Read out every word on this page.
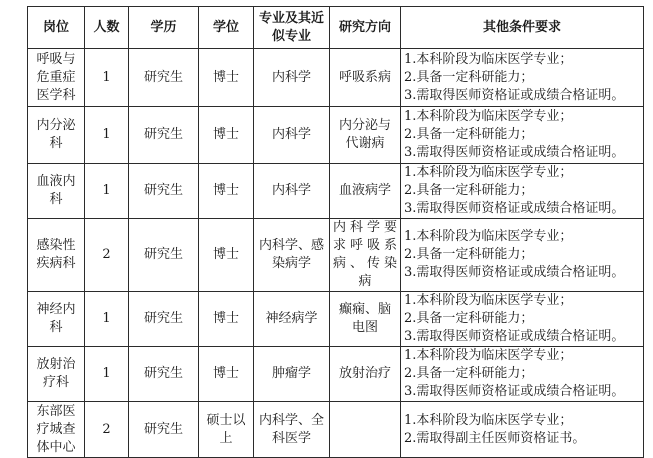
岗位	人数	学历	学位	专业及其近似专业	研究方向	其他条件要求
呼吸与危重症医学科	1	研究生	博士	内科学	呼吸系病	1.本科阶段为临床医学专业；
2.具备一定科研能力；
3.需取得医师资格证或成绩合格证明。

内分泌科	1	研究生	博士	内科学	内分泌与代谢病	1.本科阶段为临床医学专业；
2.具备一定科研能力；
3.需取得医师资格证或成绩合格证明。

血液内科	1	研究生	博士	内科学	血液病学	1.本科阶段为临床医学专业；
2.具备一定科研能力；
3.需取得医师资格证或成绩合格证明。

感染性疾病科	2	研究生	博士	内科学、感染病学	内科学要求呼吸系病、传染病	1.本科阶段为临床医学专业；
2.具备一定科研能力；
3.需取得医师资格证或成绩合格证明。

神经内科	1	研究生	博士	神经病学	癫痫、脑电图	1.本科阶段为临床医学专业；
2.具备一定科研能力；
3.需取得医师资格证或成绩合格证明。

放射治疗科	1	研究生	博士	肿瘤学	放射治疗	1.本科阶段为临床医学专业；
2.具备一定科研能力；
3.需取得医师资格证或成绩合格证明。

东部医疗城查体中心	2	研究生	硕士以上	内科学、全科医学		1.本科阶段为临床医学专业；
2.需取得副主任医师资格证书。
